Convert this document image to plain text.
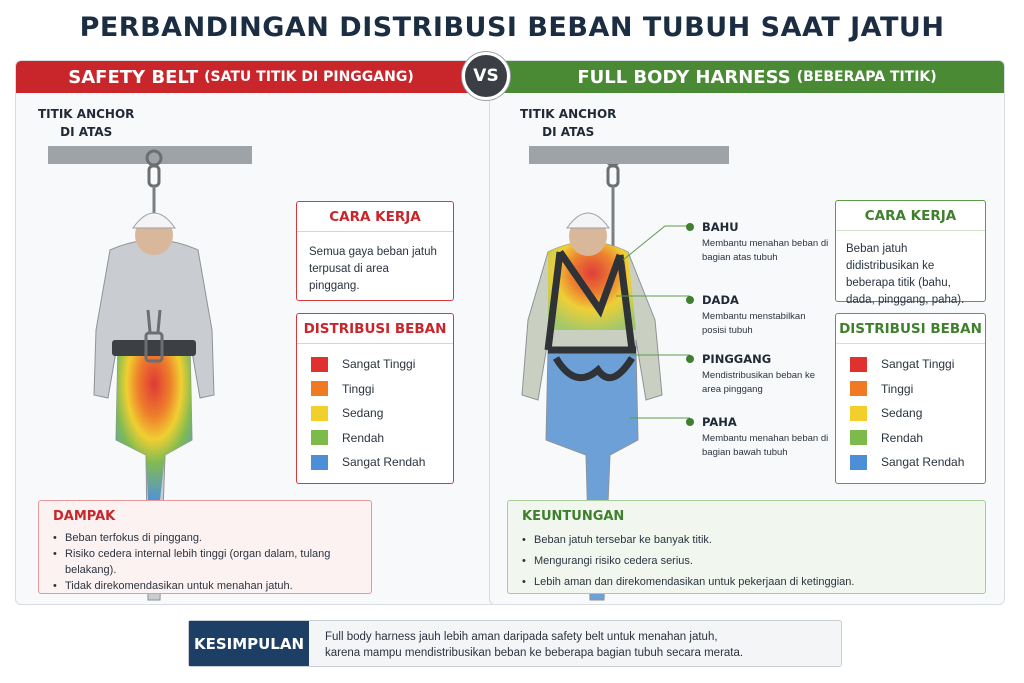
PERBANDINGAN DISTRIBUSI BEBAN TUBUH SAAT JATUH
SAFETY BELT (SATU TITIK DI PINGGANG)	FULL BODY HARNESS (BEBERAPA TITIK)
VS
TITIK ANCHOR
DI ATAS
CARA KERJA
Semua gaya beban jatuh terpusat di area pinggang.
DISTRIBUSI BEBAN
Sangat Tinggi
Tinggi
Sedang
Rendah
Sangat Rendah
DAMPAK
• Beban terfokus di pinggang.
• Risiko cedera internal lebih tinggi (organ dalam, tulang belakang).
• Tidak direkomendasikan untuk menahan jatuh.
TITIK ANCHOR
DI ATAS
BAHU
Membantu menahan beban di bagian atas tubuh
DADA
Membantu menstabilkan posisi tubuh
PINGGANG
Mendistribusikan beban ke area pinggang
PAHA
Membantu menahan beban di bagian bawah tubuh
CARA KERJA
Beban jatuh didistribusikan ke beberapa titik (bahu, dada, pinggang, paha).
DISTRIBUSI BEBAN
Sangat Tinggi
Tinggi
Sedang
Rendah
Sangat Rendah
KEUNTUNGAN
• Beban jatuh tersebar ke banyak titik.
• Mengurangi risiko cedera serius.
• Lebih aman dan direkomendasikan untuk pekerjaan di ketinggian.
KESIMPULAN	Full body harness jauh lebih aman daripada safety belt untuk menahan jatuh,
karena mampu mendistribusikan beban ke beberapa bagian tubuh secara merata.
